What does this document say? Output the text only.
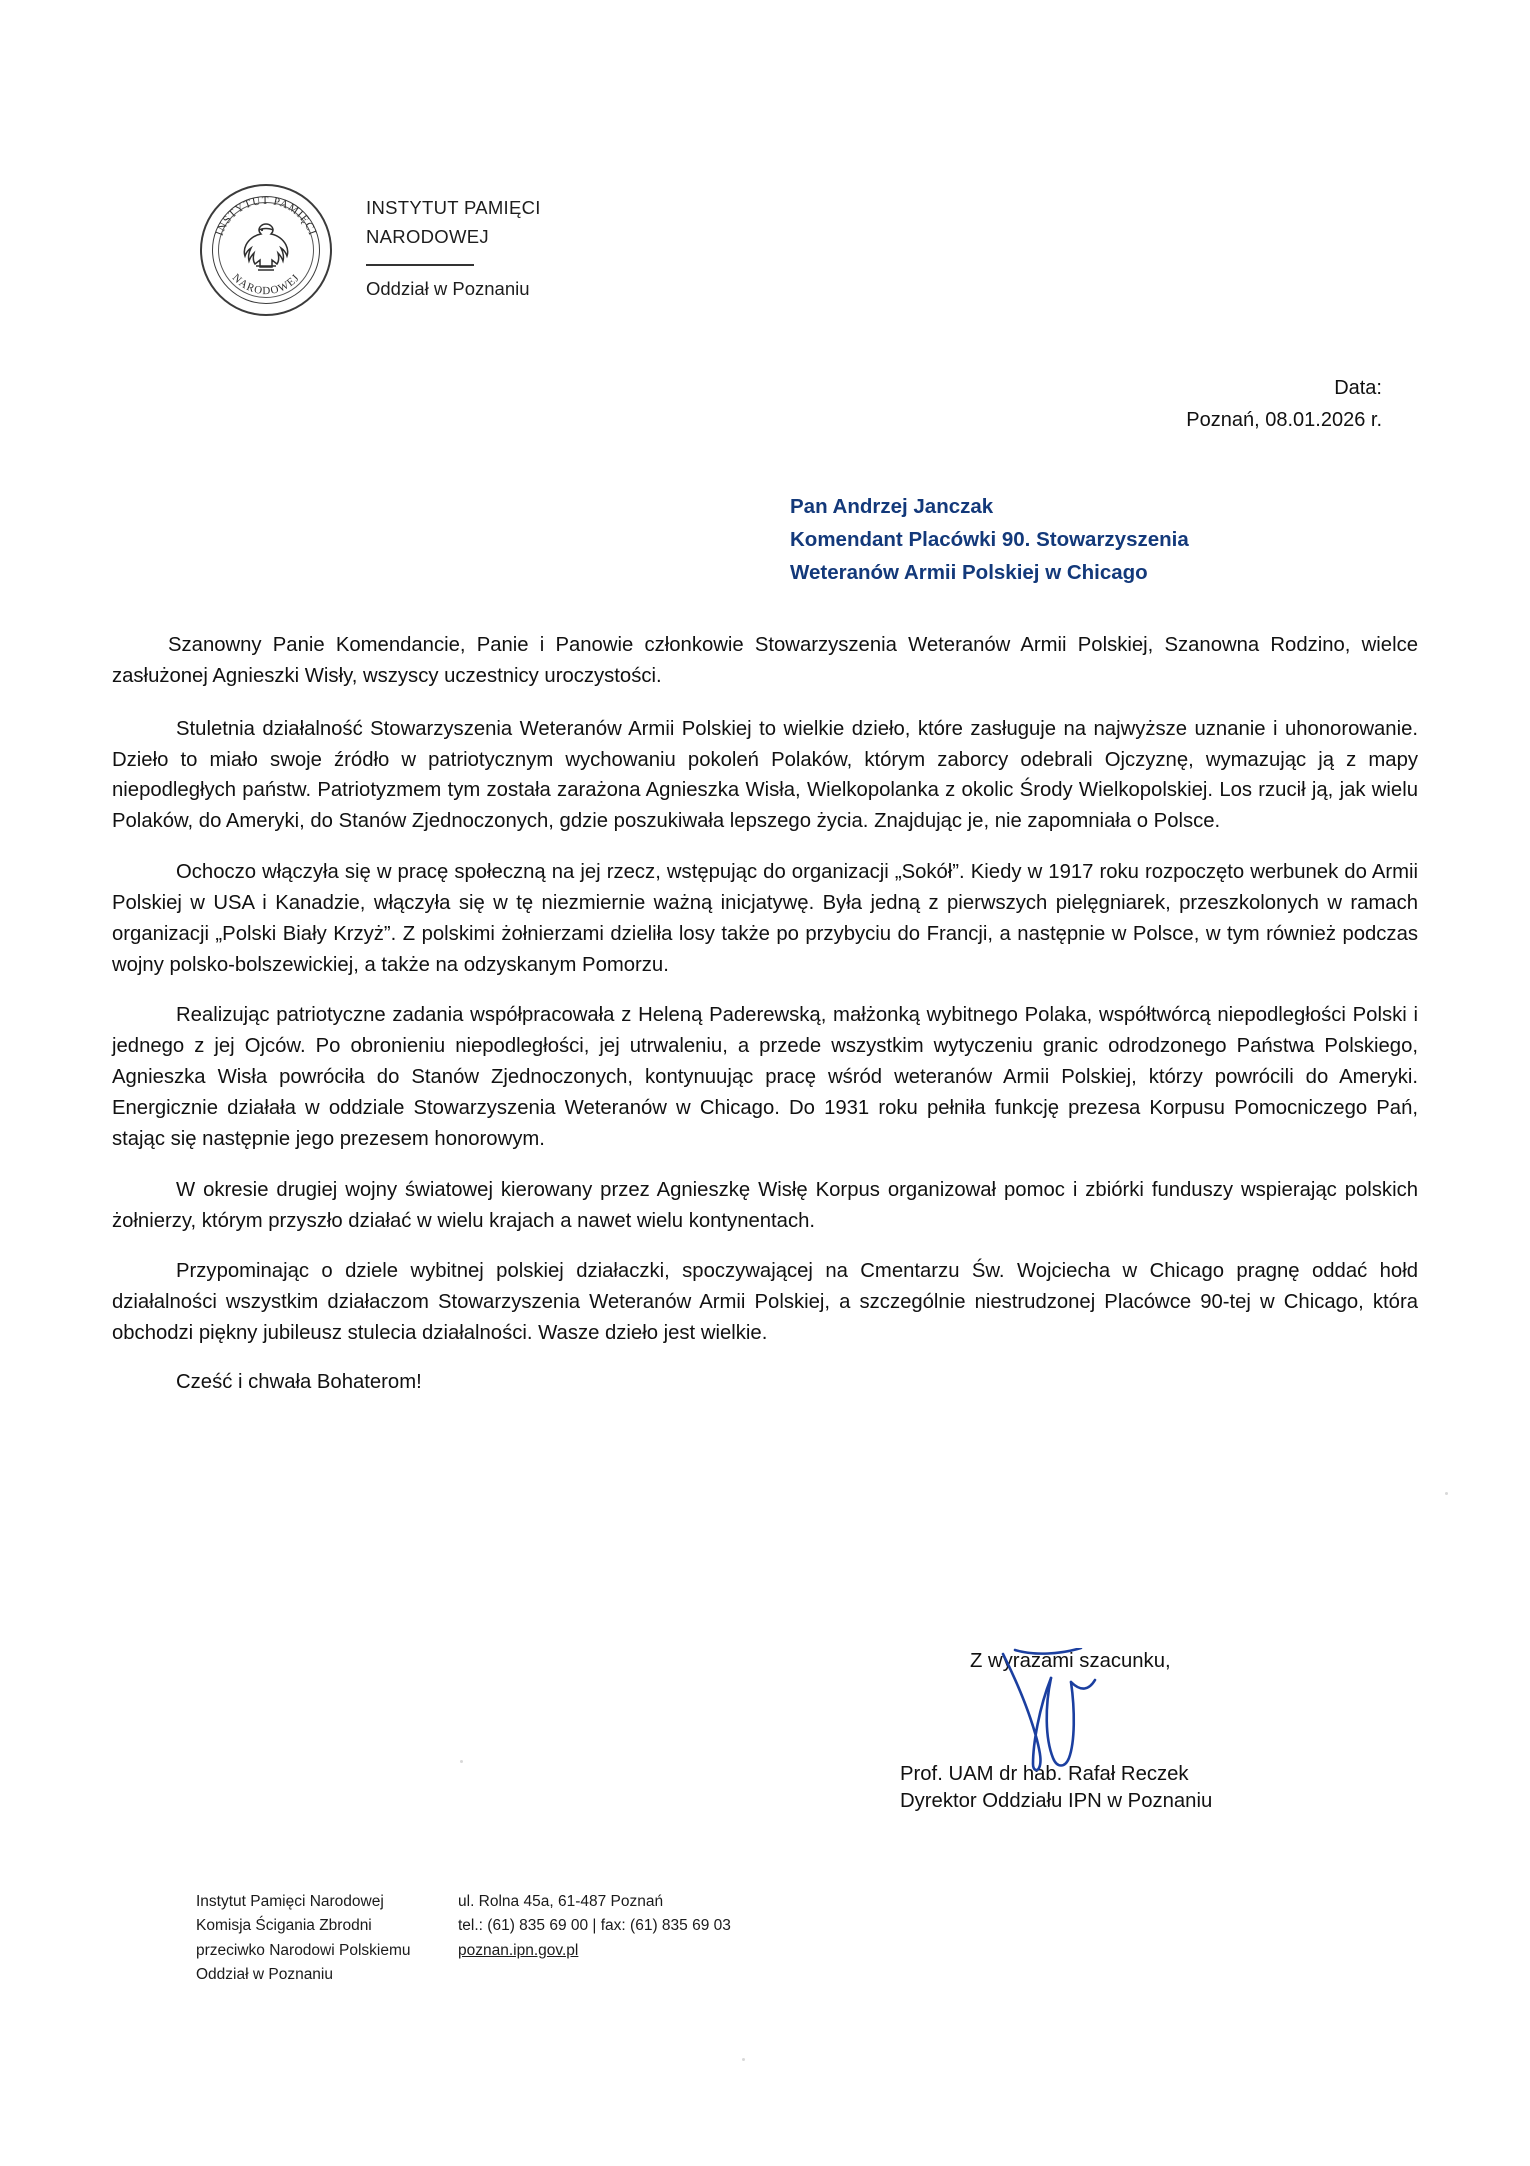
INSTYTUT PAMIĘCI
NARODOWEJ
INSTYTUT PAMIĘCI
NARODOWEJ
Oddział w Poznaniu
Data:
Poznań, 08.01.2026 r.
Pan Andrzej Janczak
Komendant Placówki 90. Stowarzyszenia
Weteranów Armii Polskiej w Chicago

Szanowny Panie Komendancie, Panie i Panowie członkowie Stowarzyszenia Weteranów Armii Polskiej, Szanowna Rodzino, wielce zasłużonej Agnieszki Wisły, wszyscy uczestnicy uroczystości.

Stuletnia działalność Stowarzyszenia Weteranów Armii Polskiej to wielkie dzieło, które zasługuje na najwyższe uznanie i uhonorowanie. Dzieło to miało swoje źródło w patriotycznym wychowaniu pokoleń Polaków, którym zaborcy odebrali Ojczyznę, wymazując ją z mapy niepodległych państw. Patriotyzmem tym została zarażona Agnieszka Wisła, Wielkopolanka z okolic Środy Wielkopolskiej. Los rzucił ją, jak wielu Polaków, do Ameryki, do Stanów Zjednoczonych, gdzie poszukiwała lepszego życia. Znajdując je, nie zapomniała o Polsce.

Ochoczo włączyła się w pracę społeczną na jej rzecz, wstępując do organizacji „Sokół”. Kiedy w 1917 roku rozpoczęto werbunek do Armii Polskiej w USA i Kanadzie, włączyła się w tę niezmiernie ważną inicjatywę. Była jedną z pierwszych pielęgniarek, przeszkolonych w ramach organizacji „Polski Biały Krzyż”. Z polskimi żołnierzami dzieliła losy także po przybyciu do Francji, a następnie w Polsce, w tym również podczas wojny polsko-bolszewickiej, a także na odzyskanym Pomorzu.

Realizując patriotyczne zadania współpracowała z Heleną Paderewską, małżonką wybitnego Polaka, współtwórcą niepodległości Polski i jednego z jej Ojców. Po obronieniu niepodległości, jej utrwaleniu, a przede wszystkim wytyczeniu granic odrodzonego Państwa Polskiego, Agnieszka Wisła powróciła do Stanów Zjednoczonych, kontynuując pracę wśród weteranów Armii Polskiej, którzy powrócili do Ameryki. Energicznie działała w oddziale Stowarzyszenia Weteranów w Chicago. Do 1931 roku pełniła funkcję prezesa Korpusu Pomocniczego Pań, stając się następnie jego prezesem honorowym.

W okresie drugiej wojny światowej kierowany przez Agnieszkę Wisłę Korpus organizował pomoc i zbiórki funduszy wspierając polskich żołnierzy, którym przyszło działać w wielu krajach a nawet wielu kontynentach.

Przypominając o dziele wybitnej polskiej działaczki, spoczywającej na Cmentarzu Św. Wojciecha w Chicago pragnę oddać hołd działalności wszystkim działaczom Stowarzyszenia Weteranów Armii Polskiej, a szczególnie niestrudzonej Placówce 90-tej w Chicago, która obchodzi piękny jubileusz stulecia działalności. Wasze dzieło jest wielkie.

Cześć i chwała Bohaterom!

Z wyrazami szacunku,
Prof. UAM dr hab. Rafał Reczek
Dyrektor Oddziału IPN w Poznaniu
Instytut Pamięci Narodowej
Komisja Ścigania Zbrodni
przeciwko Narodowi Polskiemu
Oddział w Poznaniu
ul. Rolna 45a, 61-487 Poznań
tel.: (61) 835 69 00 | fax: (61) 835 69 03
poznan.ipn.gov.pl
